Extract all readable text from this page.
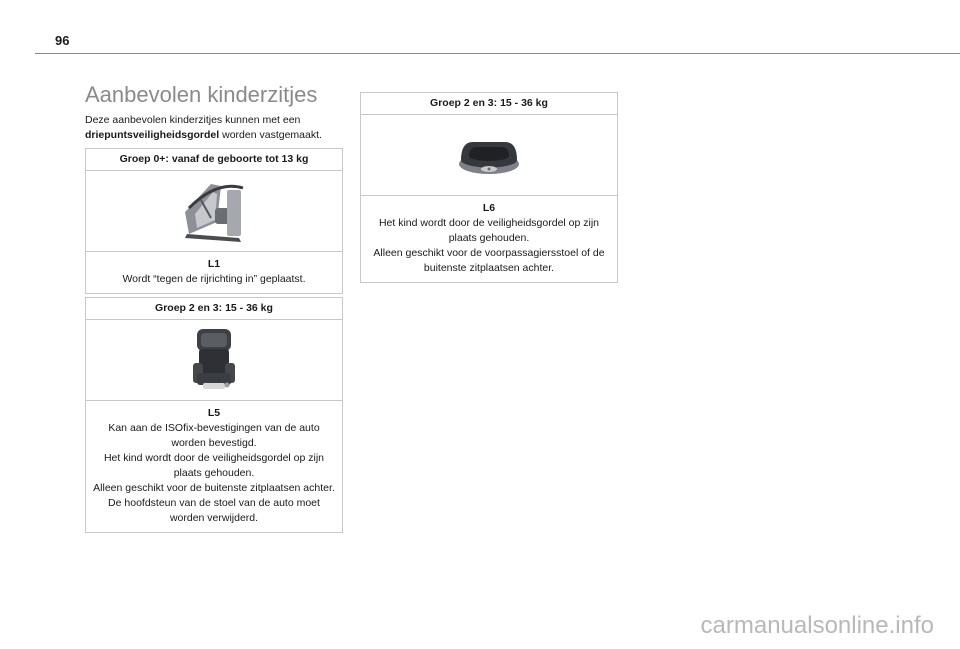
96
Aanbevolen kinderzitjes
Deze aanbevolen kinderzitjes kunnen met een driepuntsveiligheidsgordel worden vastgemaakt.
Groep 0+: vanaf de geboorte tot 13 kg
L1
Wordt “tegen de rijrichting in” geplaatst.
Groep 2 en 3: 15 - 36 kg
L5
Kan aan de ISOfix-bevestigingen van de auto worden bevestigd.
Het kind wordt door de veiligheidsgordel op zijn plaats gehouden.
Alleen geschikt voor de buitenste zitplaatsen achter.
De hoofdsteun van de stoel van de auto moet worden verwijderd.
Groep 2 en 3: 15 - 36 kg
L6
Het kind wordt door de veiligheidsgordel op zijn plaats gehouden.
Alleen geschikt voor de voorpassagiersstoel of de buitenste zitplaatsen achter.
carmanualsonline.info
